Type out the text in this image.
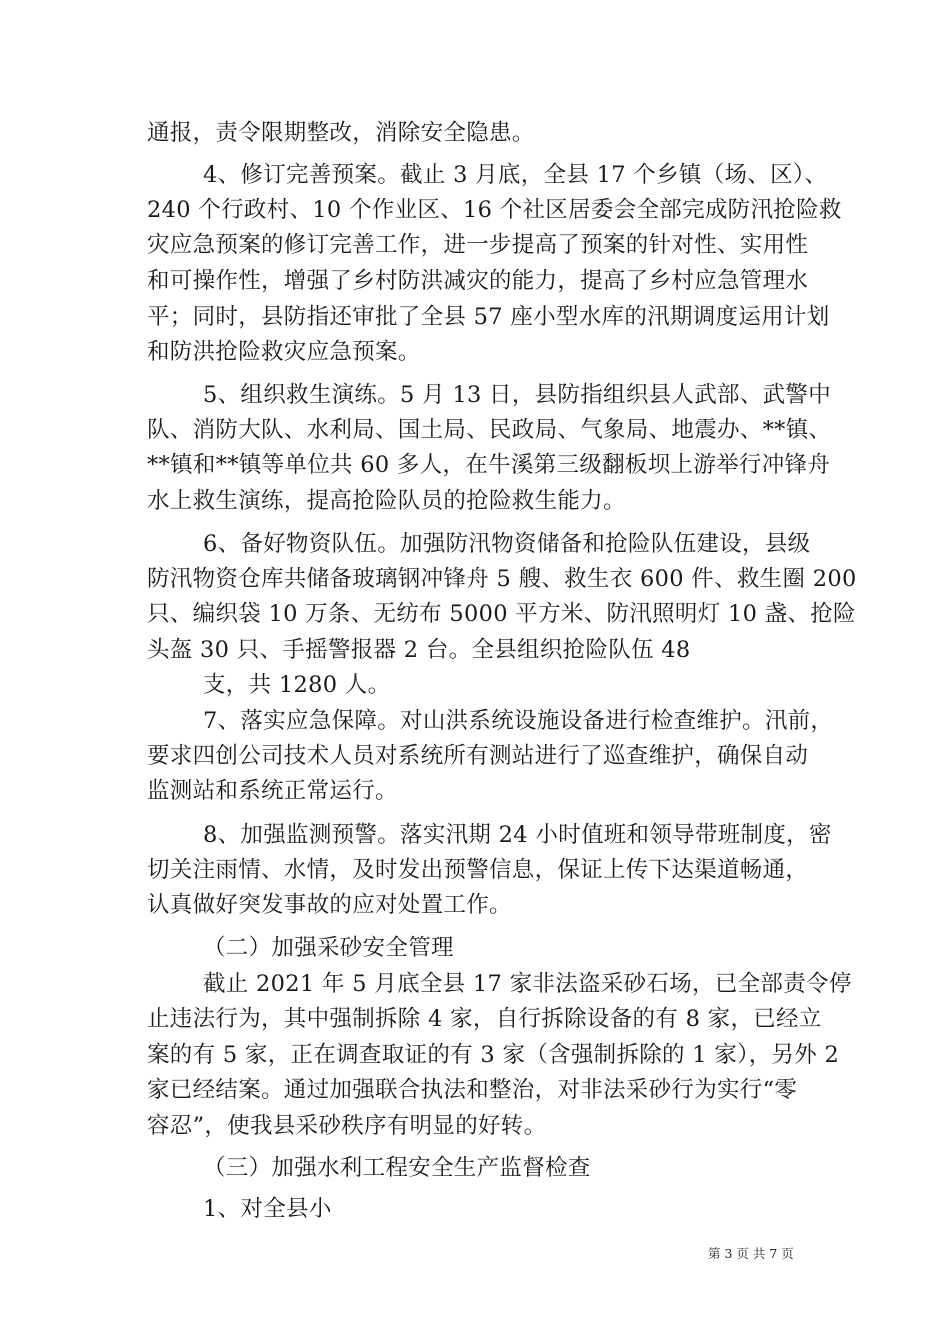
通报，责令限期整改，消除安全隐患。
4、修订完善预案。截止 3 月底，全县 17 个乡镇（场、区）、
240 个行政村、10 个作业区、16 个社区居委会全部完成防汛抢险救
灾应急预案的修订完善工作，进一步提高了预案的针对性、实用性
和可操作性，增强了乡村防洪减灾的能力，提高了乡村应急管理水
平；同时，县防指还审批了全县 57 座小型水库的汛期调度运用计划
和防洪抢险救灾应急预案。
5、组织救生演练。5 月 13 日，县防指组织县人武部、武警中
队、消防大队、水利局、国土局、民政局、气象局、地震办、**镇、
**镇和**镇等单位共 60 多人，在牛溪第三级翻板坝上游举行冲锋舟
水上救生演练，提高抢险队员的抢险救生能力。
6、备好物资队伍。加强防汛物资储备和抢险队伍建设，县级
防汛物资仓库共储备玻璃钢冲锋舟 5 艘、救生衣 600 件、救生圈 200
只、编织袋 10 万条、无纺布 5000 平方米、防汛照明灯 10 盏、抢险
头盔 30 只、手摇警报器 2 台。全县组织抢险队伍 48
支，共 1280 人。
7、落实应急保障。对山洪系统设施设备进行检查维护。汛前，
要求四创公司技术人员对系统所有测站进行了巡查维护，确保自动
监测站和系统正常运行。
8、加强监测预警。落实汛期 24 小时值班和领导带班制度，密
切关注雨情、水情，及时发出预警信息，保证上传下达渠道畅通，
认真做好突发事故的应对处置工作。
（二）加强采砂安全管理
截止 2021 年 5 月底全县 17 家非法盗采砂石场，已全部责令停
止违法行为，其中强制拆除 4 家，自行拆除设备的有 8 家，已经立
案的有 5 家，正在调查取证的有 3 家（含强制拆除的 1 家），另外 2
家已经结案。通过加强联合执法和整治，对非法采砂行为实行“零
容忍”，使我县采砂秩序有明显的好转。
（三）加强水利工程安全生产监督检查
1、对全县小
第 3 页 共 7 页
